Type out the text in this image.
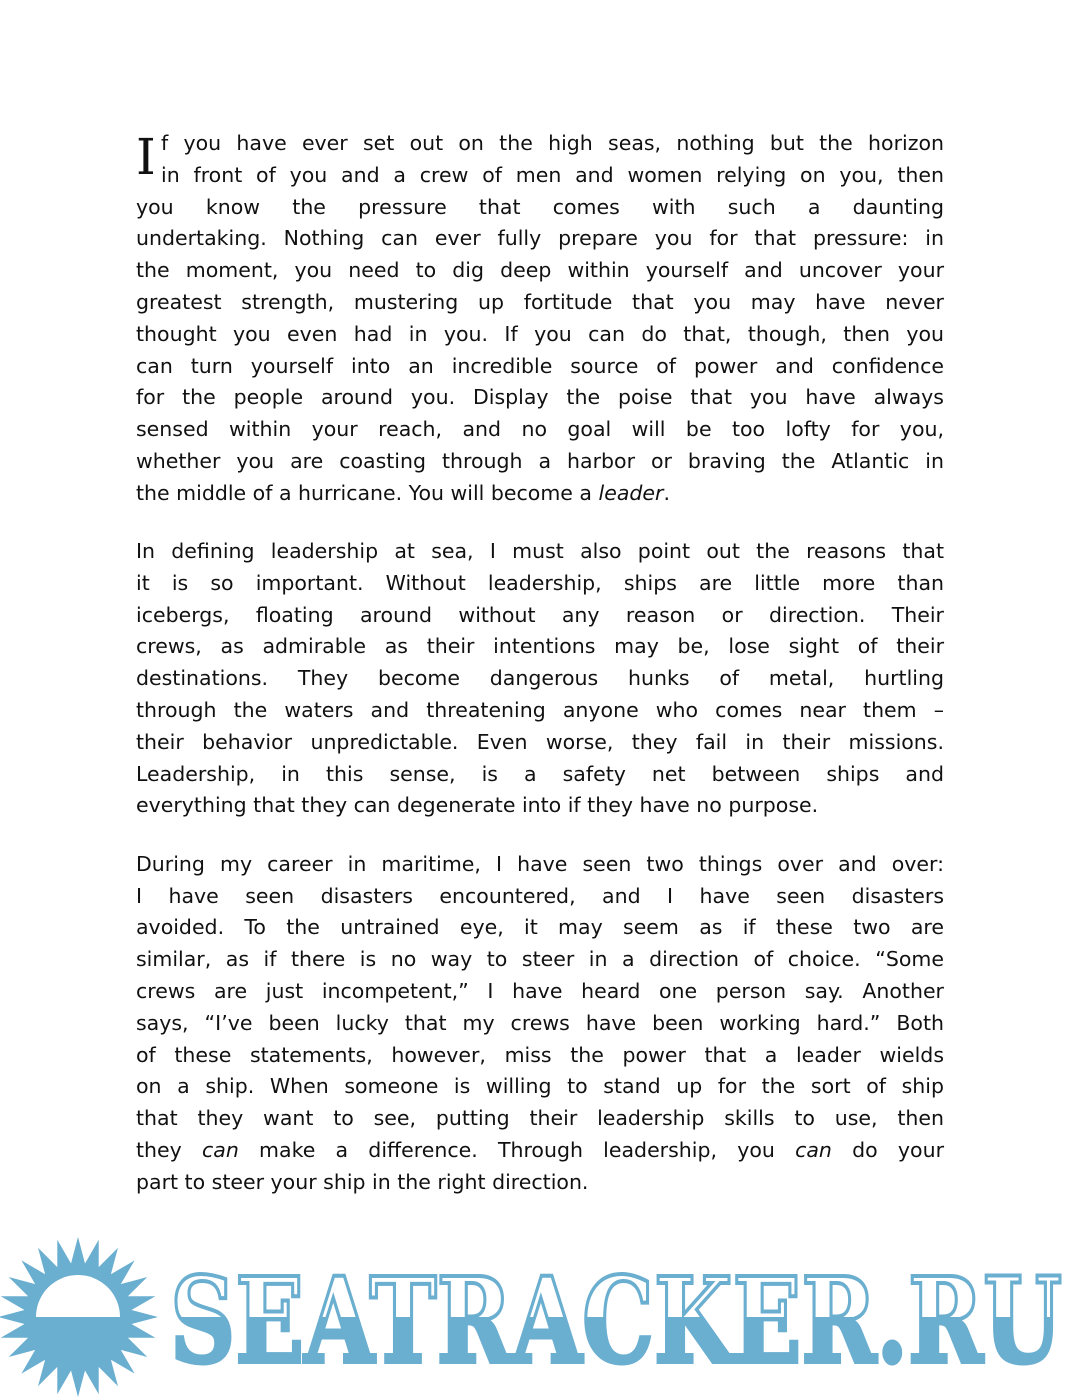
I f you have ever set out on the high seas, nothing but the horizon
in front of you and a crew of men and women relying on you, then
you know the pressure that comes with such a daunting
undertaking. Nothing can ever fully prepare you for that pressure: in
the moment, you need to dig deep within yourself and uncover your
greatest strength, mustering up fortitude that you may have never
thought you even had in you. If you can do that, though, then you
can turn yourself into an incredible source of power and confidence
for the people around you. Display the poise that you have always
sensed within your reach, and no goal will be too lofty for you,
whether you are coasting through a harbor or braving the Atlantic in
the middle of a hurricane. You will become a leader.
In defining leadership at sea, I must also point out the reasons that
it is so important. Without leadership, ships are little more than
icebergs, floating around without any reason or direction. Their
crews, as admirable as their intentions may be, lose sight of their
destinations. They become dangerous hunks of metal, hurtling
through the waters and threatening anyone who comes near them –
their behavior unpredictable. Even worse, they fail in their missions.
Leadership, in this sense, is a safety net between ships and
everything that they can degenerate into if they have no purpose.
During my career in maritime, I have seen two things over and over:
I have seen disasters encountered, and I have seen disasters
avoided. To the untrained eye, it may seem as if these two are
similar, as if there is no way to steer in a direction of choice. “Some
crews are just incompetent,” I have heard one person say. Another
says, “I’ve been lucky that my crews have been working hard.” Both
of these statements, however, miss the power that a leader wields
on a ship. When someone is willing to stand up for the sort of ship
that they want to see, putting their leadership skills to use, then
they can make a difference. Through leadership, you can do your
part to steer your ship in the right direction.
SEATRACKER.RU
